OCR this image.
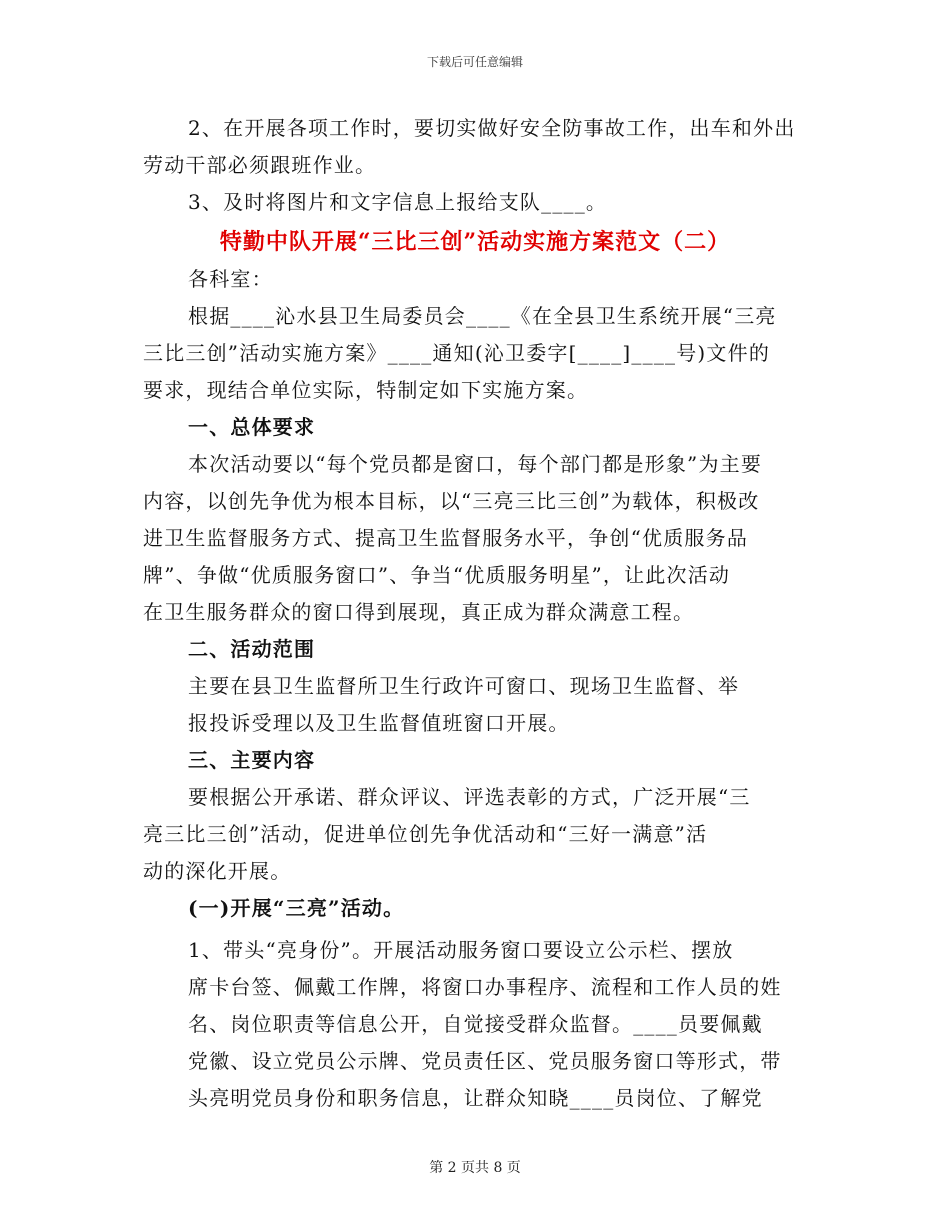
下载后可任意编辑

2、在开展各项工作时，要切实做好安全防事故工作，出车和外出

劳动干部必须跟班作业。

3、及时将图片和文字信息上报给支队____。

特勤中队开展“三比三创”活动实施方案范文（二）

各科室：

根据____沁水县卫生局委员会____《在全县卫生系统开展“三亮

三比三创”活动实施方案》____通知(沁卫委字[____]____号)文件的

要求，现结合单位实际，特制定如下实施方案。

一、总体要求

本次活动要以“每个党员都是窗口，每个部门都是形象”为主要

内容，以创先争优为根本目标，以“三亮三比三创”为载体，积极改

进卫生监督服务方式、提高卫生监督服务水平，争创“优质服务品

牌”、争做“优质服务窗口”、争当“优质服务明星”，让此次活动

在卫生服务群众的窗口得到展现，真正成为群众满意工程。

二、活动范围

主要在县卫生监督所卫生行政许可窗口、现场卫生监督、举

报投诉受理以及卫生监督值班窗口开展。

三、主要内容

要根据公开承诺、群众评议、评选表彰的方式，广泛开展“三

亮三比三创”活动，促进单位创先争优活动和“三好一满意”活

动的深化开展。

(一)开展“三亮”活动。

1、带头“亮身份”。开展活动服务窗口要设立公示栏、摆放

席卡台签、佩戴工作牌，将窗口办事程序、流程和工作人员的姓

名、岗位职责等信息公开，自觉接受群众监督。____员要佩戴

党徽、设立党员公示牌、党员责任区、党员服务窗口等形式，带

头亮明党员身份和职务信息，让群众知晓____员岗位、了解党

第 2 页共 8 页
